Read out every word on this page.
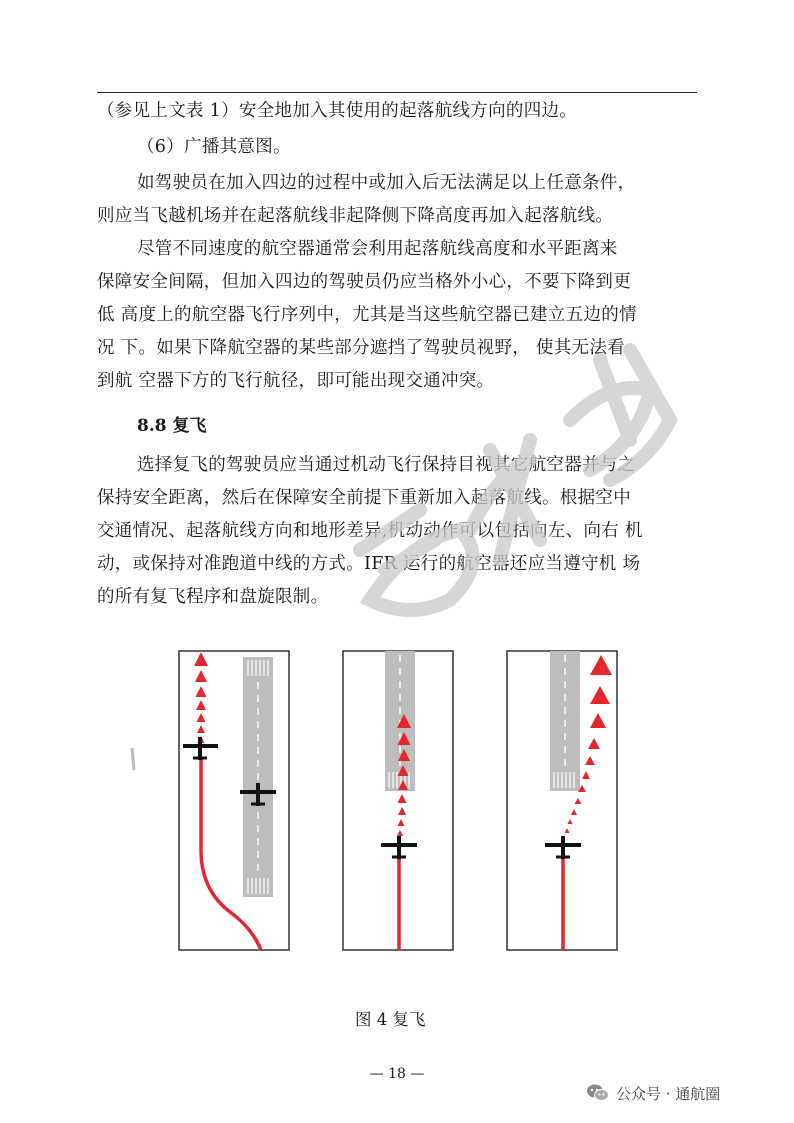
（参见上文表 1）安全地加入其使用的起落航线方向的四边。
（6）广播其意图。
如驾驶员在加入四边的过程中或加入后无法满足以上任意条件，
则应当飞越机场并在起落航线非起降侧下降高度再加入起落航线。
尽管不同速度的航空器通常会利用起落航线高度和水平距离来
保障安全间隔，但加入四边的驾驶员仍应当格外小心，不要下降到更
低 高度上的航空器飞行序列中，尤其是当这些航空器已建立五边的情
况 下。如果下降航空器的某些部分遮挡了驾驶员视野， 使其无法看
到航 空器下方的飞行航径，即可能出现交通冲突。
8.8 复飞
选择复飞的驾驶员应当通过机动飞行保持目视其它航空器并与之
保持安全距离，然后在保障安全前提下重新加入起落航线。根据空中
交通情况、起落航线方向和地形差异,机动动作可以包括向左、向右 机
动，或保持对准跑道中线的方式。IFR 运行的航空器还应当遵守机 场
的所有复飞程序和盘旋限制。
图 4 复飞
— 18 —
公众号 · 通航圈
